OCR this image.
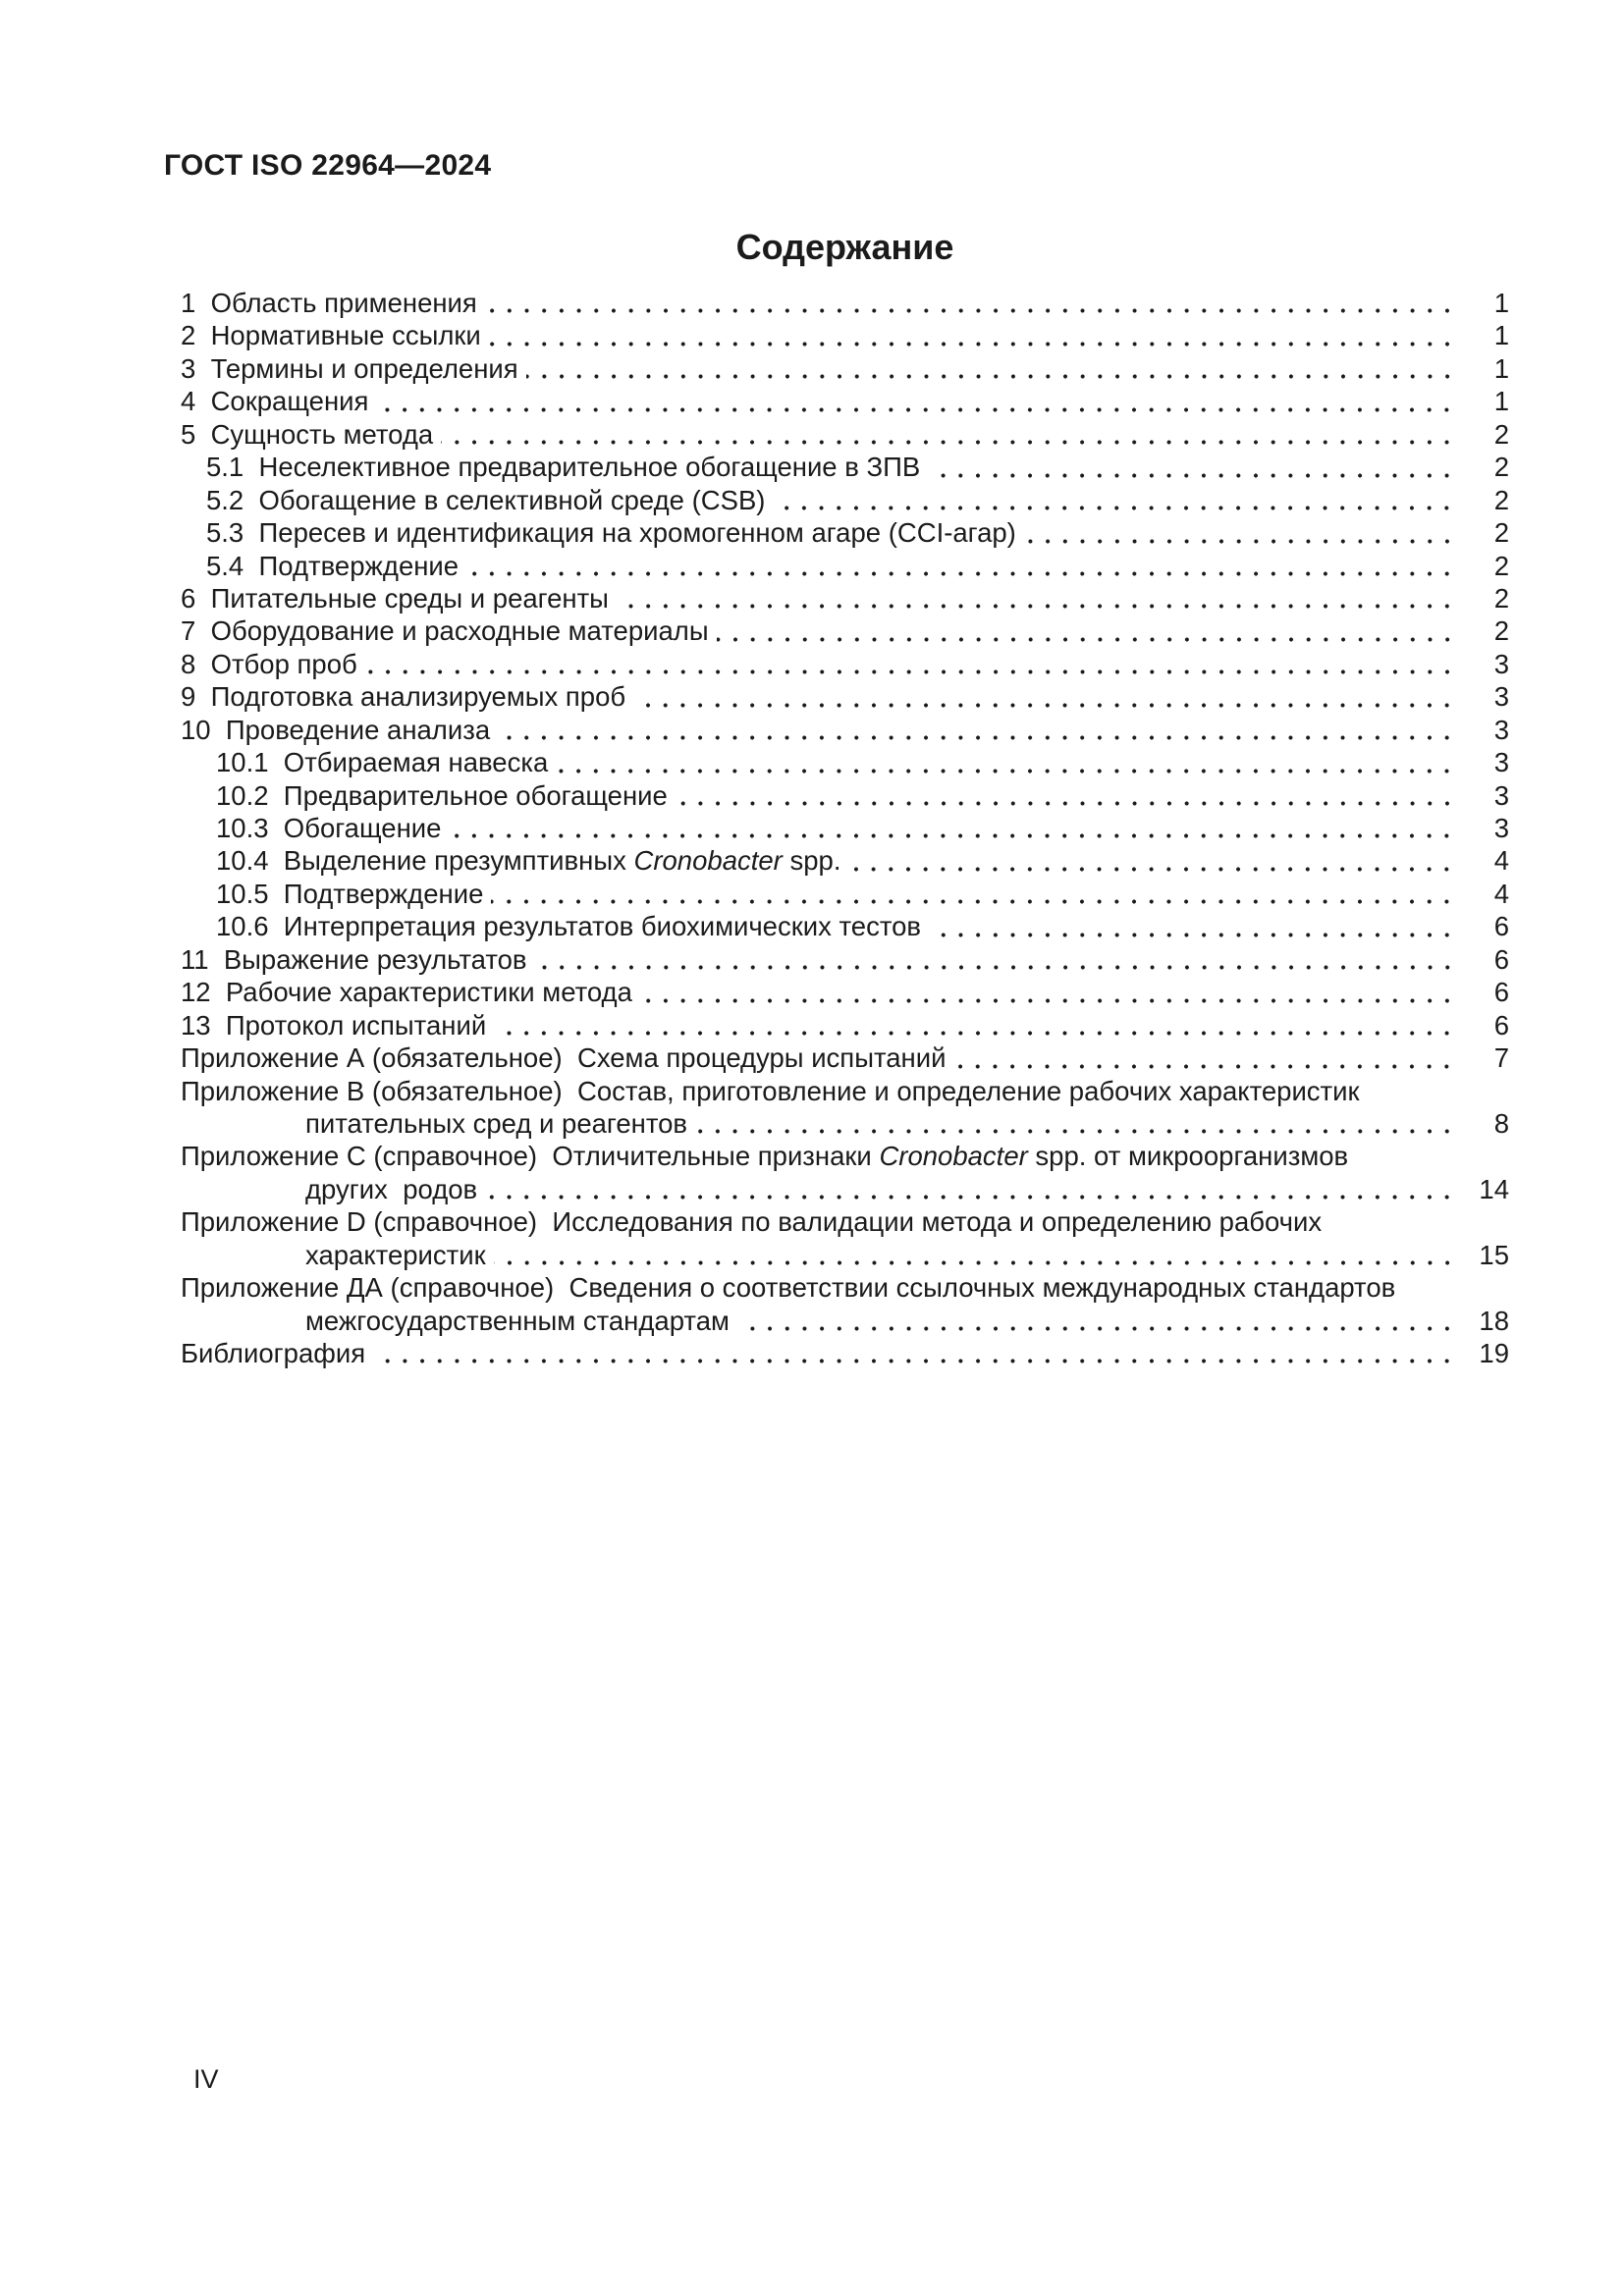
ГОСТ ISO 22964—2024
Содержание
1  Область применения	1
2  Нормативные ссылки	1
3  Термины и определения	1
4  Сокращения	1
5  Сущность метода	2
5.1  Неселективное предварительное обогащение в ЗПВ	2
5.2  Обогащение в селективной среде (CSB)	2
5.3  Пересев и идентификация на хромогенном агаре (CCI-агар)	2
5.4  Подтверждение	2
6  Питательные среды и реагенты	2
7  Оборудование и расходные материалы	2
8  Отбор проб	3
9  Подготовка анализируемых проб	3
10  Проведение анализа	3
10.1  Отбираемая навеска	3
10.2  Предварительное обогащение	3
10.3  Обогащение	3
10.4  Выделение презумптивных Cronobacter spp.	4
10.5  Подтверждение	4
10.6  Интерпретация результатов биохимических тестов	6
11  Выражение результатов	6
12  Рабочие характеристики метода	6
13  Протокол испытаний	6
Приложение А (обязательное)  Схема процедуры испытаний	7
Приложение В (обязательное)  Состав, приготовление и определение рабочих характеристик
питательных сред и реагентов	8
Приложение С (справочное)  Отличительные признаки Cronobacter spp. от микроорганизмов
других  родов	14
Приложение D (справочное)  Исследования по валидации метода и определению рабочих
характеристик	15
Приложение ДА (справочное)  Сведения о соответствии ссылочных международных стандартов
межгосударственным стандартам	18
Библиография	19
IV
